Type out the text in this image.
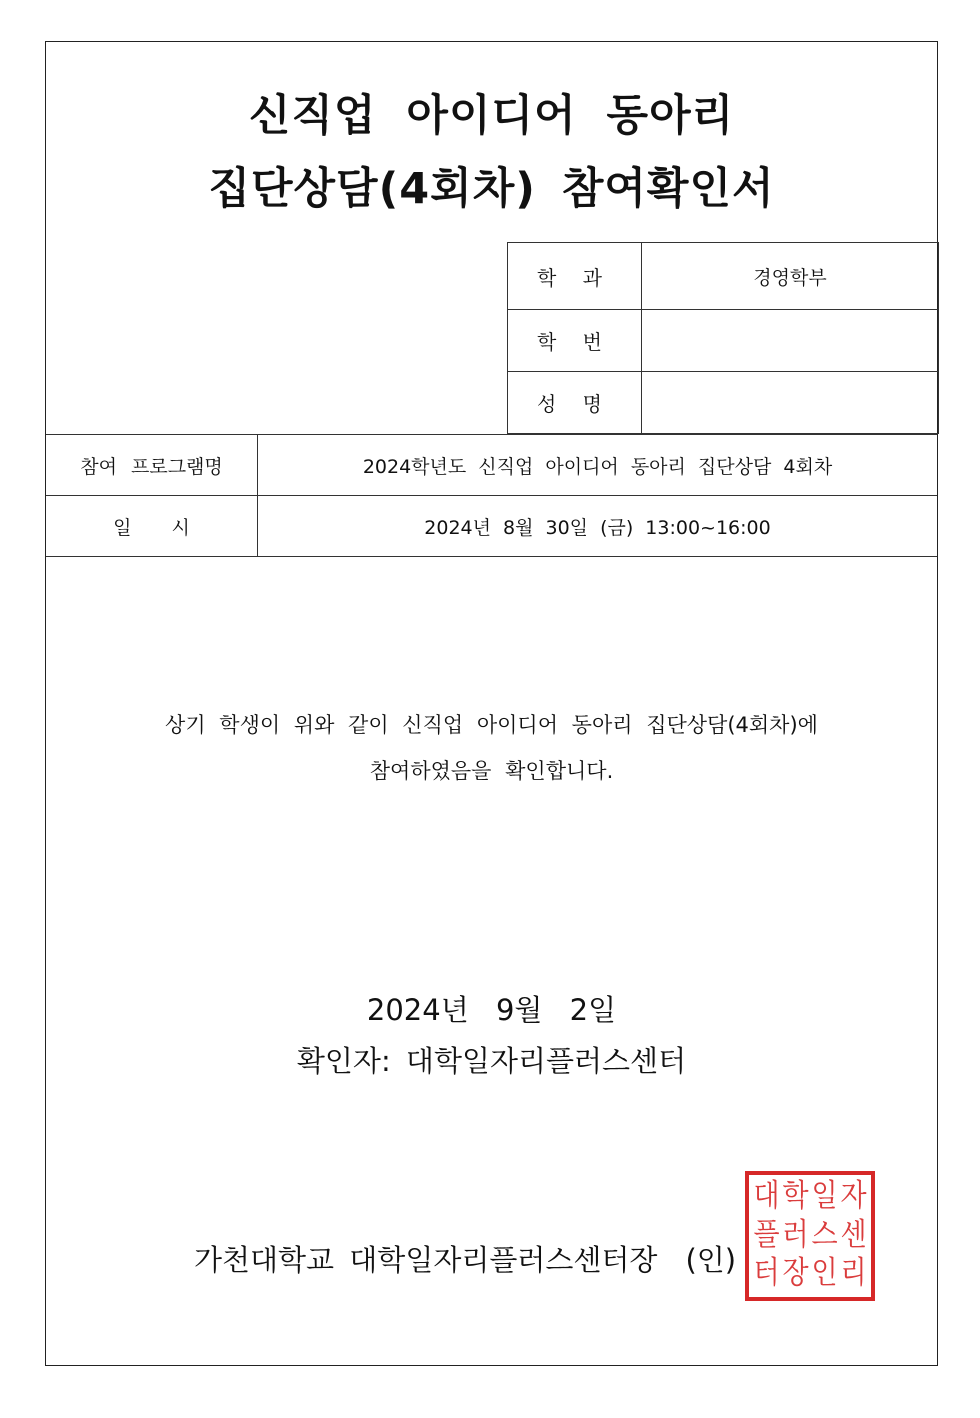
신직업 아이디어 동아리
집단상담(4회차) 참여확인서
학 과	경영학부
학 번	
성 명	
참여 프로그램명	2024학년도 신직업 아이디어 동아리 집단상담 4회차
일 시	2024년 8월 30일 (금) 13:00~16:00
상기 학생이 위와 같이 신직업 아이디어 동아리 집단상담(4회차)에
참여하였음을 확인합니다.
2024년 9월 2일
확인자: 대학일자리플러스센터
가천대학교 대학일자리플러스센터장 (인)
대 학 일 자
플 러 스 센
터 장 인 리
